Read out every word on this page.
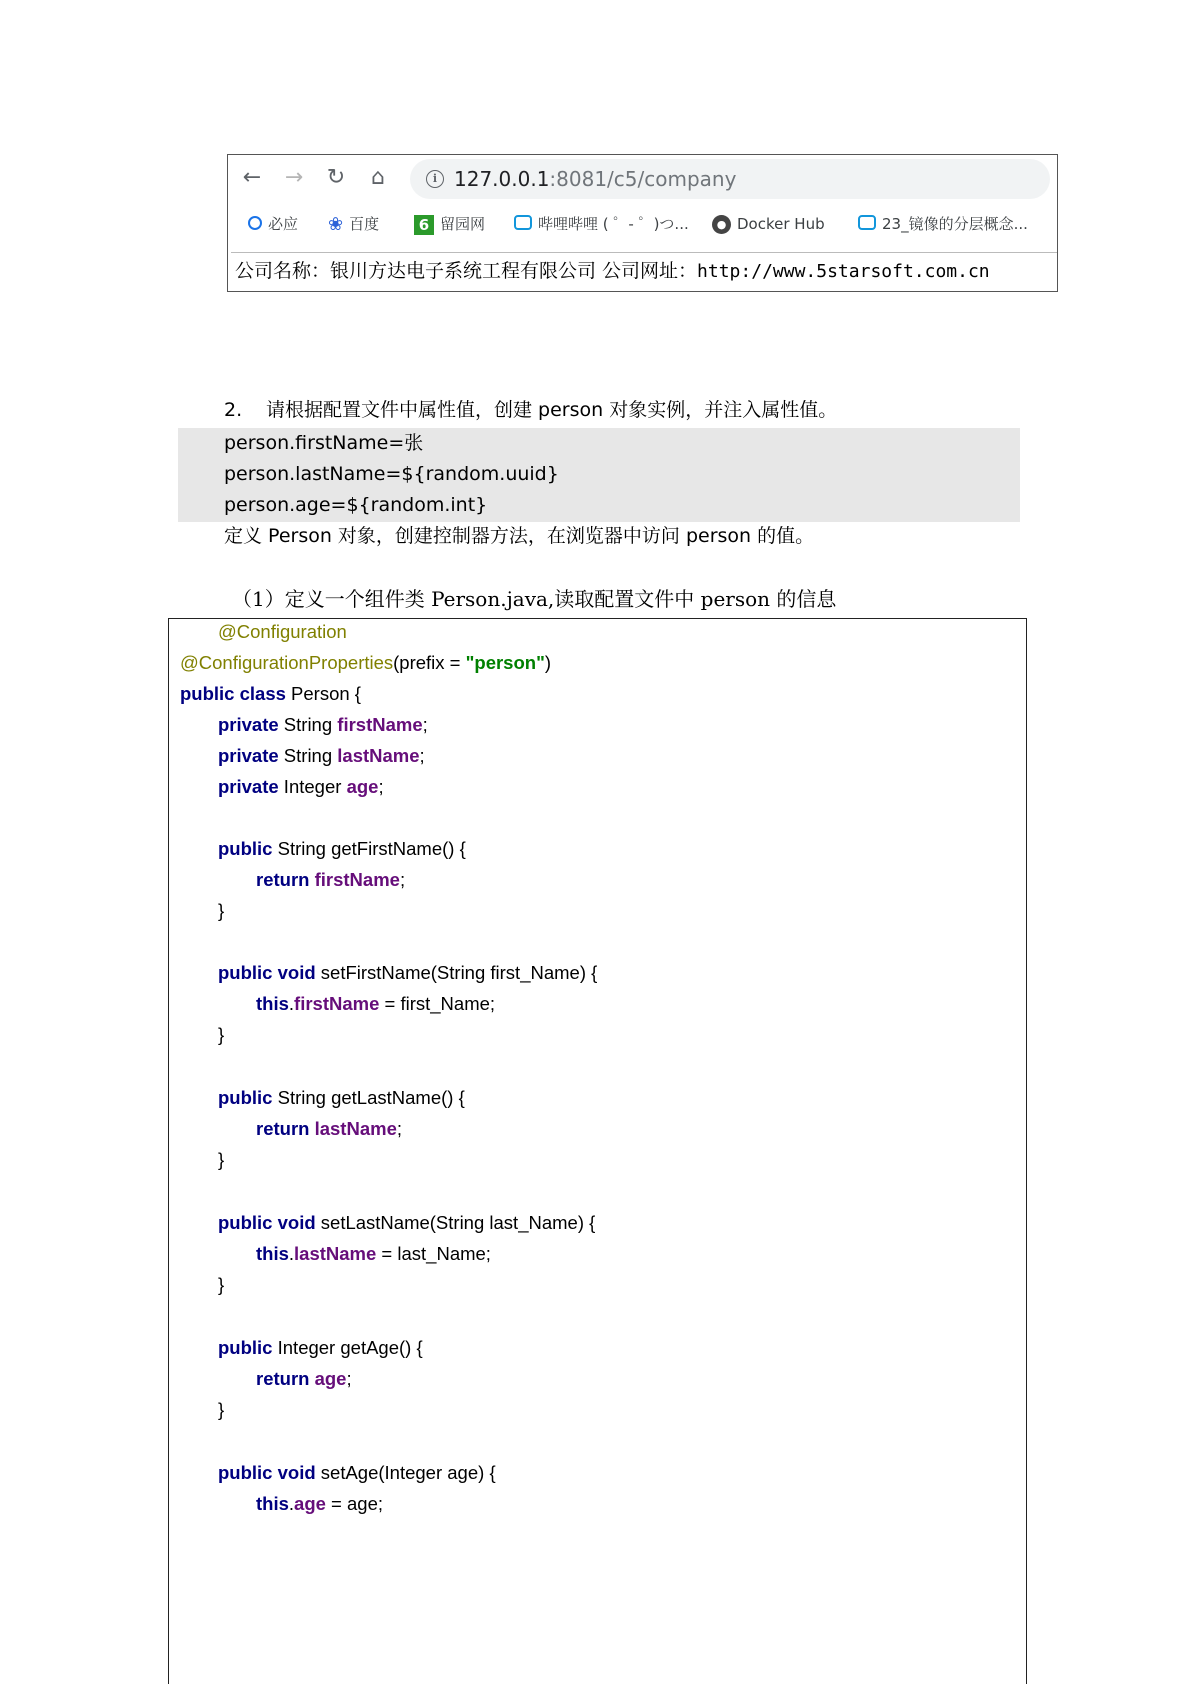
← → ↻ ⌂	i 127.0.0.1:8081/c5/company
必应 ❀ 百度	6 留园网	哔哩哔哩 ( ゜- ゜)つ...	● Docker Hub	23_镜像的分层概念...
公司名称：银川方达电子系统工程有限公司 公司网址：http://www.5starsoft.com.cn
2. 请根据配置文件中属性值，创建 person 对象实例，并注入属性值。
person.firstName=张
person.lastName=${random.uuid}
person.age=${random.int}
定义 Person 对象，创建控制器方法，在浏览器中访问 person 的值。
（1）定义一个组件类 Person.java,读取配置文件中 person 的信息
@Configuration
@ConfigurationProperties(prefix = "person")
public class Person {
private String firstName;
private String lastName;
private Integer age;
public String getFirstName() {
return firstName;
}
public void setFirstName(String first_Name) {
this.firstName = first_Name;
}
public String getLastName() {
return lastName;
}
public void setLastName(String last_Name) {
this.lastName = last_Name;
}
public Integer getAge() {
return age;
}
public void setAge(Integer age) {
this.age = age;
